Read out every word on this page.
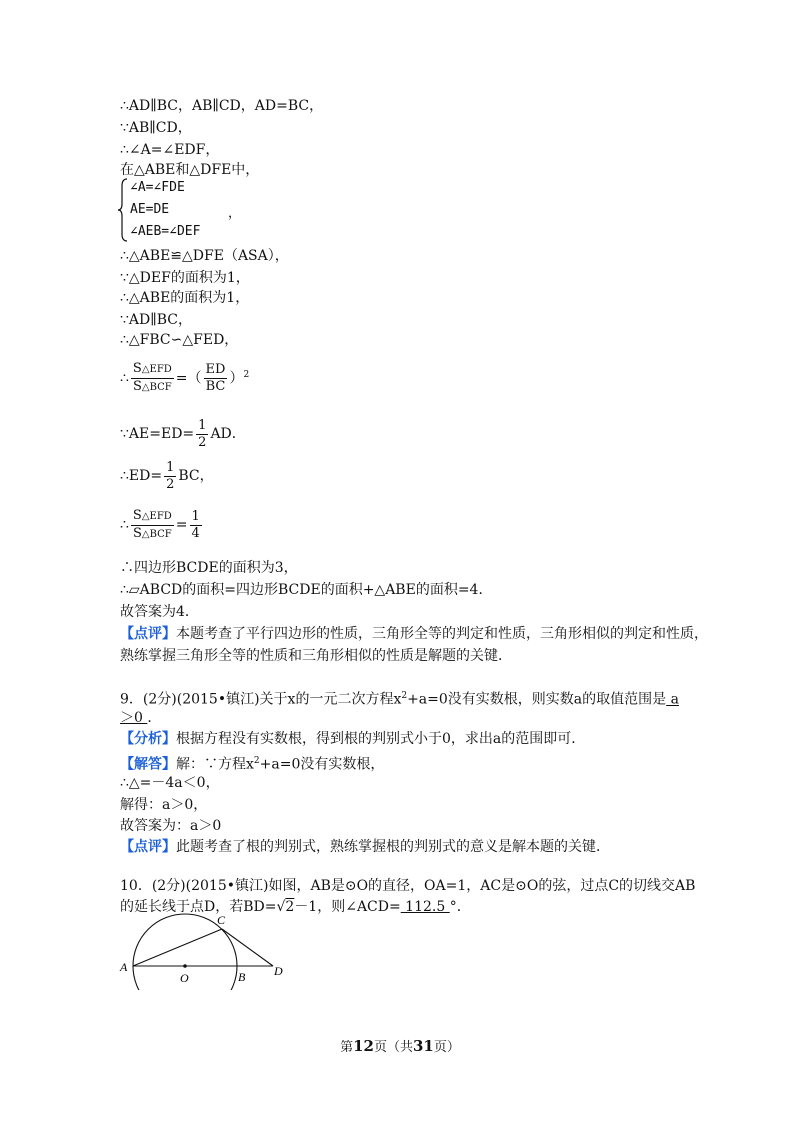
∴AD∥BC，AB∥CD，AD=BC，
∵AB∥CD，
∴∠A=∠EDF，
在△ABE和△DFE中，
∠A=∠FDE
AE=DE
∠AEB=∠DEF
，
∴△ABE≌△DFE（ASA），
∵△DEF的面积为1，
∴△ABE的面积为1，
∵AD∥BC，
∴△FBC∽△FED，
∴ $\frac{\text{S△EFD}}{\text{S△BCF}}$ =（ $\frac{ED}{BC} )^2$
∵AE=ED= $\frac{1}{2}$ AD．
∴ED= $\frac{1}{2}$ BC，
∴ $\frac{\text{S△EFD}}{\text{S△BCF}} = \frac{1}{4}$
∴四边形BCDE的面积为3，
∴▱ABCD的面积=四边形BCDE的面积+△ABE的面积=4．
故答案为4．
【点评】本题考查了平行四边形的性质，三角形全等的判定和性质，三角形相似的判定和性质，
熟练掌握三角形全等的性质和三角形相似的性质是解题的关键．
9．(2分)(2015•镇江)关于x的一元二次方程$x^2+a=0$没有实数根，则实数a的取值范围是 a
＞0 ．
【分析】根据方程没有实数根，得到根的判别式小于0，求出a的范围即可．
【解答】解：∵方程$x^2+a=0$没有实数根，
∴△=－4a＜0，
解得：a＞0，
故答案为：a＞0
【点评】此题考查了根的判别式，熟练掌握根的判别式的意义是解本题的关键．
10．(2分)(2015•镇江)如图，AB是⊙O的直径，OA=1，AC是⊙O的弦，过点C的切线交AB
的延长线于点D，若BD=√2－1，则∠ACD= 112.5 °．
A
B
C
D
O
第12页（共31页）
